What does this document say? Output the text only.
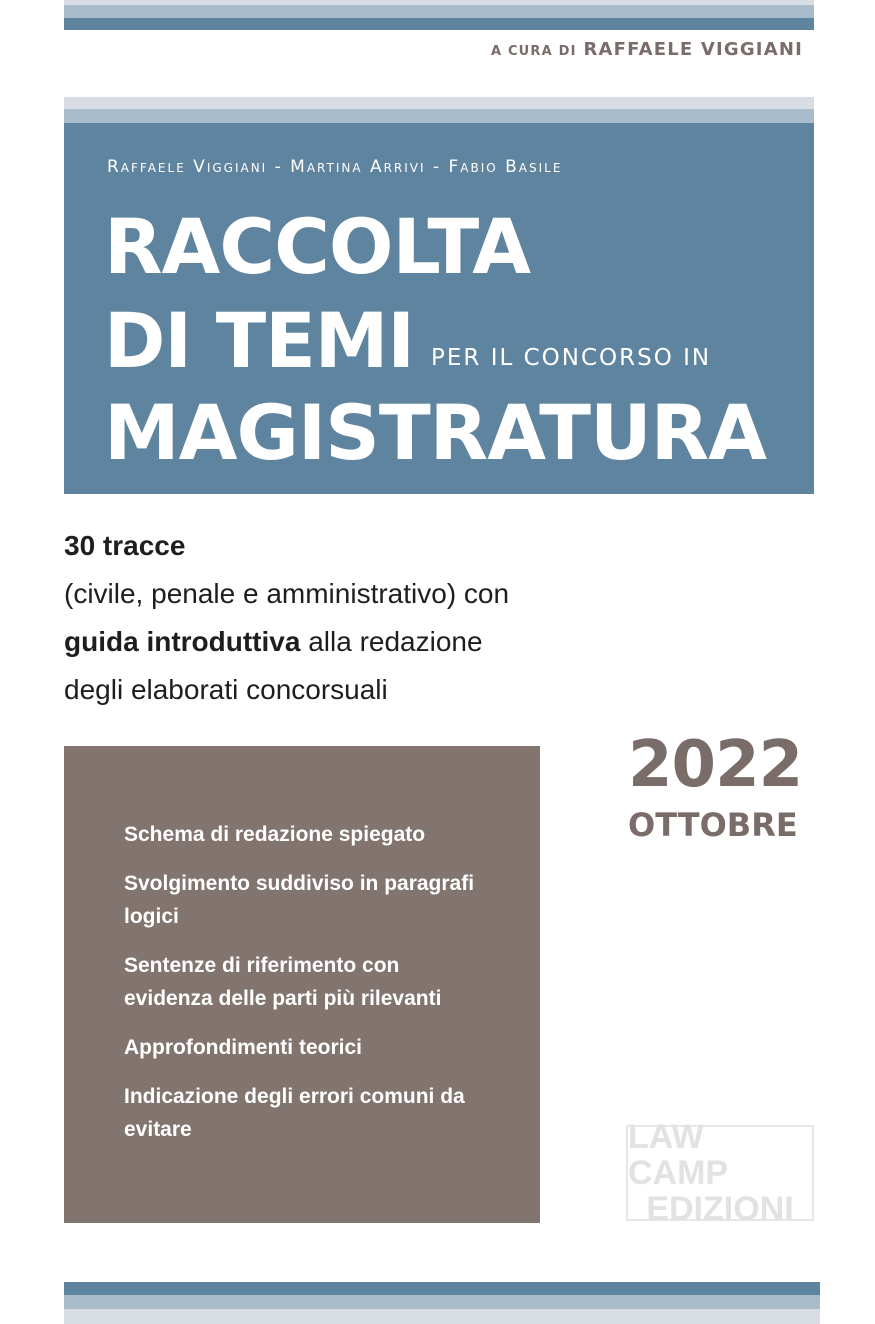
A CURA DI RAFFAELE VIGGIANI
Raffaele Viggiani - Martina Arrivi - Fabio Basile
RACCOLTA
DI TEMI PER IL CONCORSO IN
MAGISTRATURA
30 tracce
(civile, penale e amministrativo) con
guida introduttiva alla redazione
degli elaborati concorsuali
2022
OTTOBRE
Schema di redazione spiegato
Svolgimento suddiviso in paragrafi logici
Sentenze di riferimento con evidenza delle parti più rilevanti
Approfondimenti teorici
Indicazione degli errori comuni da evitare	LAW CAMP
EDIZIONI
